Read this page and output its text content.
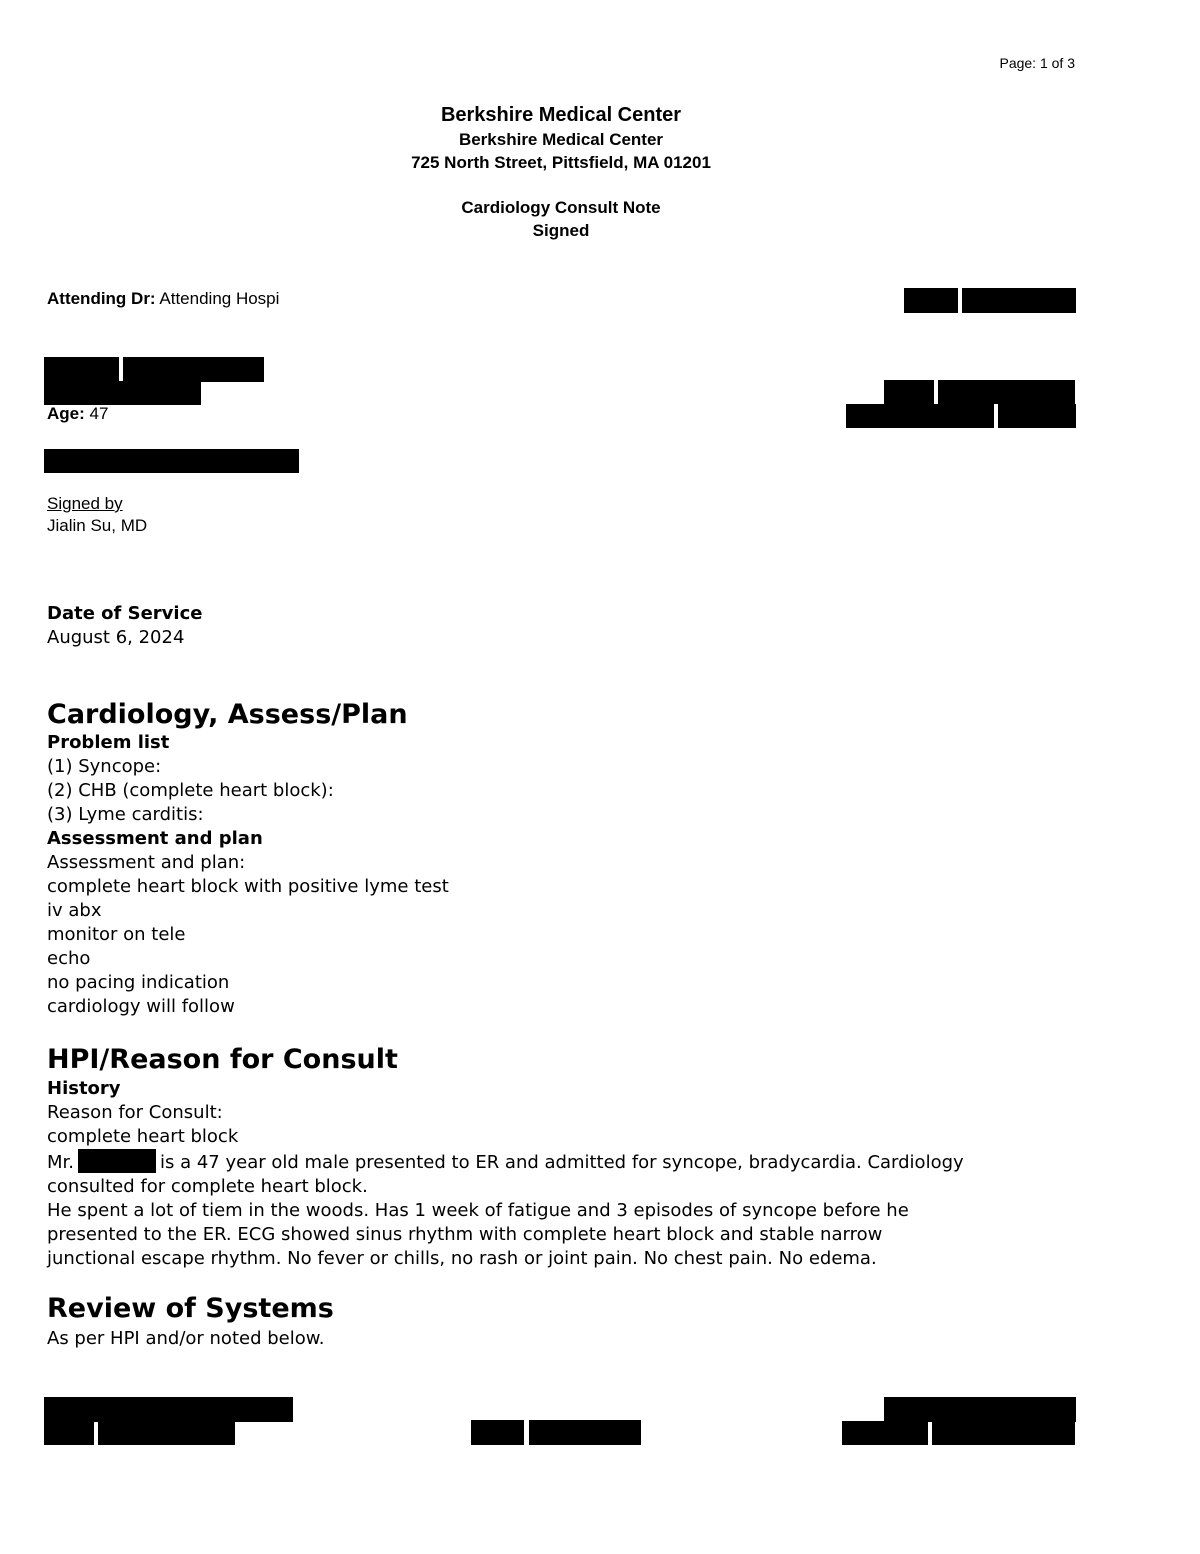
Page: 1 of 3
Berkshire Medical Center
Berkshire Medical Center
725 North Street, Pittsfield, MA 01201
Cardiology Consult Note
Signed
Attending Dr: Attending Hospi
Age: 47
Signed by
Jialin Su, MD
Date of Service
August 6, 2024
Cardiology, Assess/Plan
Problem list
(1) Syncope:
(2) CHB (complete heart block):
(3) Lyme carditis:
Assessment and plan
Assessment and plan:
complete heart block with positive lyme test
iv abx
monitor on tele
echo
no pacing indication
cardiology will follow
HPI/Reason for Consult
History
Reason for Consult:
complete heart block
Mr.	is a 47 year old male presented to ER and admitted for syncope, bradycardia. Cardiology
consulted for complete heart block.
He spent a lot of tiem in the woods. Has 1 week of fatigue and 3 episodes of syncope before he
presented to the ER. ECG showed sinus rhythm with complete heart block and stable narrow
junctional escape rhythm. No fever or chills, no rash or joint pain. No chest pain. No edema.
Review of Systems
As per HPI and/or noted below.
